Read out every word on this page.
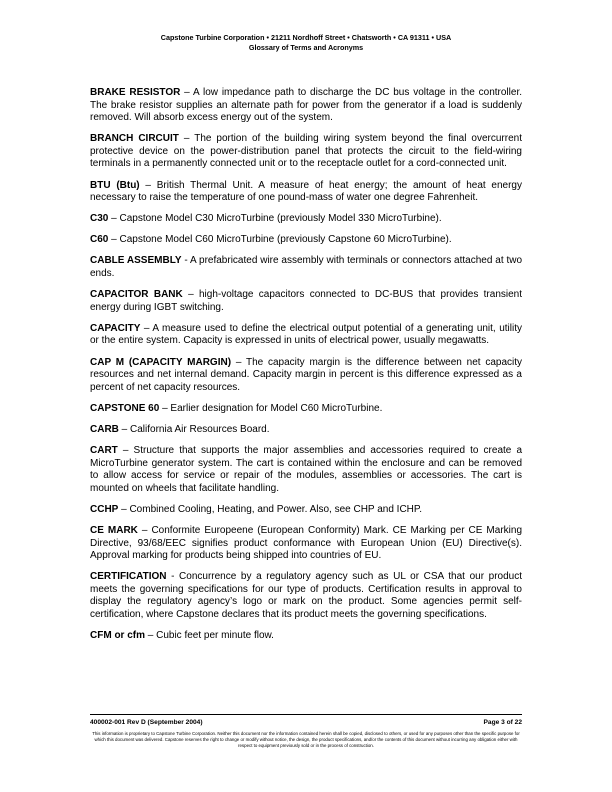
Capstone Turbine Corporation • 21211 Nordhoff Street • Chatsworth • CA 91311 • USA
Glossary of Terms and Acronyms

BRAKE RESISTOR – A low impedance path to discharge the DC bus voltage in the controller. The brake resistor supplies an alternate path for power from the generator if a load is suddenly removed. Will absorb excess energy out of the system.

BRANCH CIRCUIT – The portion of the building wiring system beyond the final overcurrent protective device on the power-distribution panel that protects the circuit to the field-wiring terminals in a permanently connected unit or to the receptacle outlet for a cord-connected unit.

BTU (Btu) – British Thermal Unit. A measure of heat energy; the amount of heat energy necessary to raise the temperature of one pound-mass of water one degree Fahrenheit.

C30 – Capstone Model C30 MicroTurbine (previously Model 330 MicroTurbine).

C60 – Capstone Model C60 MicroTurbine (previously Capstone 60 MicroTurbine).

CABLE ASSEMBLY - A prefabricated wire assembly with terminals or connectors attached at two ends.

CAPACITOR BANK – high-voltage capacitors connected to DC-BUS that provides transient energy during IGBT switching.

CAPACITY – A measure used to define the electrical output potential of a generating unit, utility or the entire system. Capacity is expressed in units of electrical power, usually megawatts.

CAP M (CAPACITY MARGIN) – The capacity margin is the difference between net capacity resources and net internal demand. Capacity margin in percent is this difference expressed as a percent of net capacity resources.

CAPSTONE 60 – Earlier designation for Model C60 MicroTurbine.

CARB – California Air Resources Board.

CART – Structure that supports the major assemblies and accessories required to create a MicroTurbine generator system. The cart is contained within the enclosure and can be removed to allow access for service or repair of the modules, assemblies or accessories. The cart is mounted on wheels that facilitate handling.

CCHP – Combined Cooling, Heating, and Power. Also, see CHP and ICHP.

CE MARK – Conformite Europeene (European Conformity) Mark. CE Marking per CE Marking Directive, 93/68/EEC signifies product conformance with European Union (EU) Directive(s). Approval marking for products being shipped into countries of EU.

CERTIFICATION - Concurrence by a regulatory agency such as UL or CSA that our product meets the governing specifications for our type of products. Certification results in approval to display the regulatory agency’s logo or mark on the product. Some agencies permit self-certification, where Capstone declares that its product meets the governing specifications.

CFM or cfm – Cubic feet per minute flow.

400002-001 Rev D (September 2004)	Page 3 of 22
This information is proprietary to Capstone Turbine Corporation. Neither this document nor the information contained herein shall be copied, disclosed to others, or used for any purposes other than the specific purpose for which this document was delivered. Capstone reserves the right to change or modify without notice, the design, the product specifications, and/or the contents of this document without incurring any obligation either with respect to equipment previously sold or in the process of construction.
